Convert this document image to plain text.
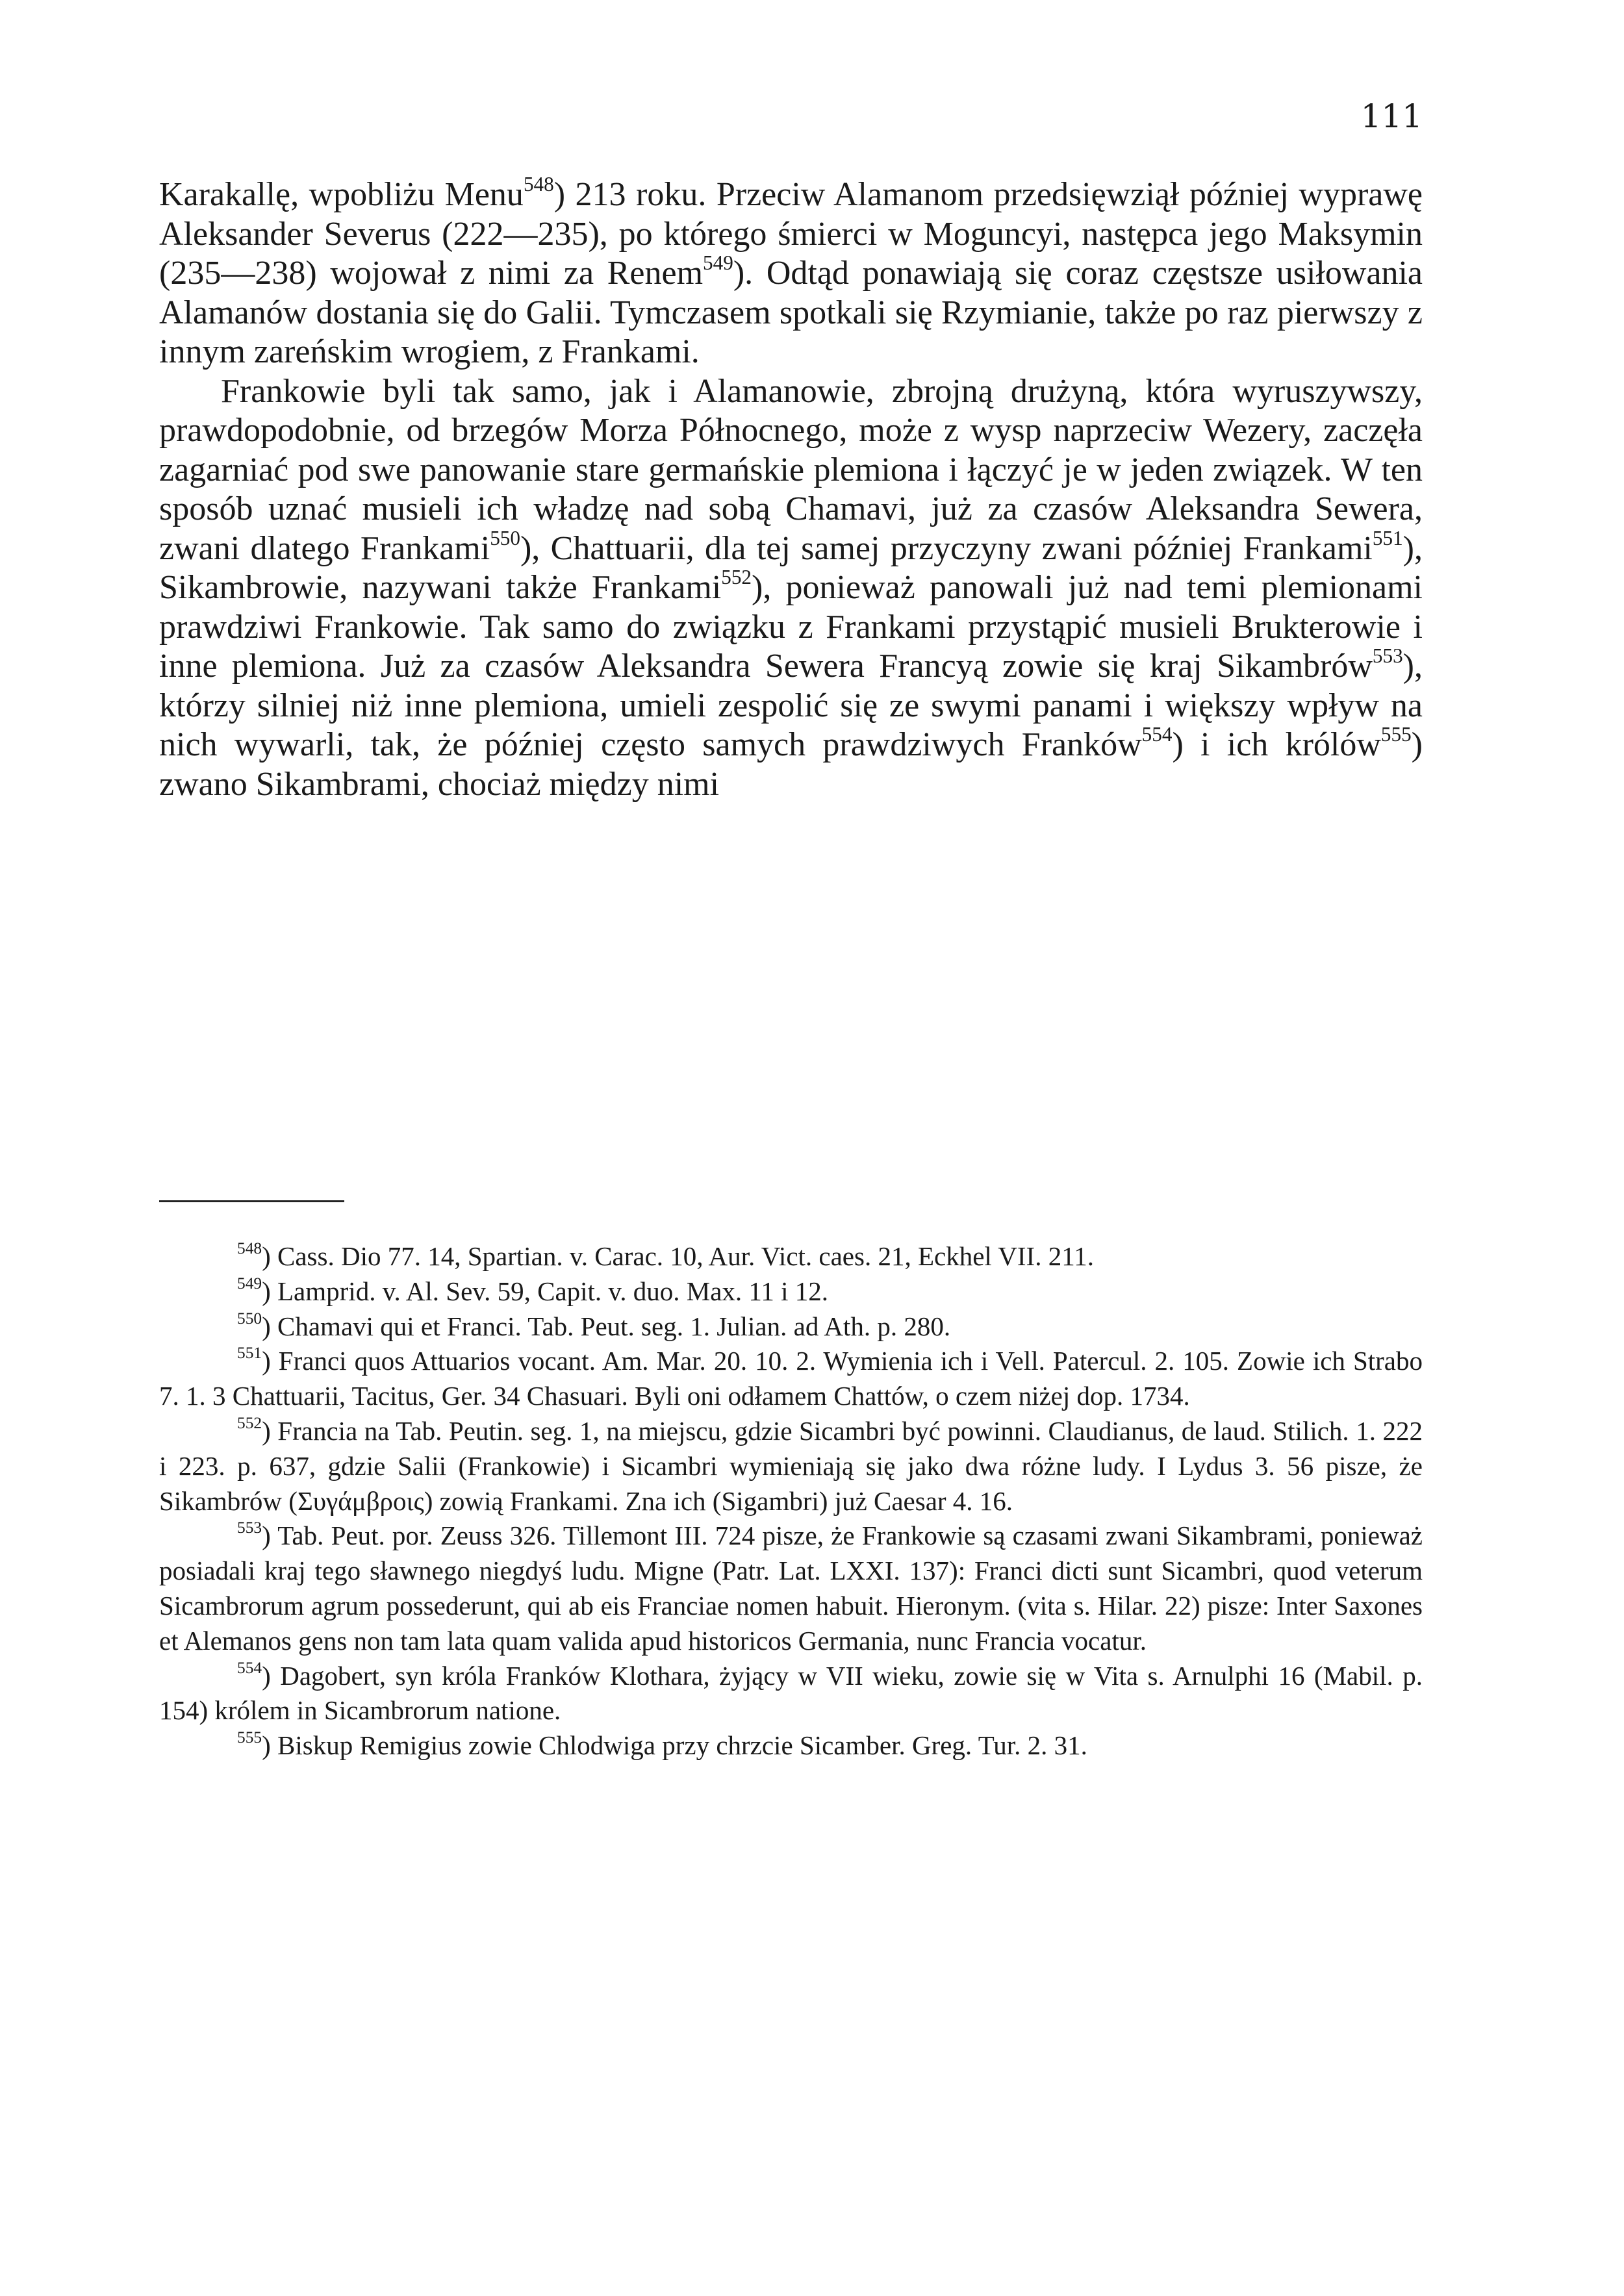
111

Karakallę, wpobliżu Menu$^{548}$) 213 roku. Przeciw Alamanom przedsięwziął później wyprawę Aleksander Severus (222—235), po którego śmierci w Moguncyi, następca jego Maksymin (235—238) wojował z nimi za Renem$^{549}$). Odtąd ponawiają się coraz częstsze usiłowania Alamanów dostania się do Galii. Tymczasem spotkali się Rzymianie, także po raz pierwszy z innym zareńskim wrogiem, z Frankami.

Frankowie byli tak samo, jak i Alamanowie, zbrojną drużyną, która wyruszywszy, prawdopodobnie, od brzegów Morza Północnego, może z wysp naprzeciw Wezery, zaczęła zagarniać pod swe panowanie stare germańskie plemiona i łączyć je w jeden związek. W ten sposób uznać musieli ich władzę nad sobą Chamavi, już za czasów Aleksandra Sewera, zwani dlatego Frankami$^{550}$), Chattuarii, dla tej samej przyczyny zwani później Frankami$^{551}$), Sikambrowie, nazywani także Frankami$^{552}$), ponieważ panowali już nad temi plemionami prawdziwi Frankowie. Tak samo do związku z Frankami przystąpić musieli Brukterowie i inne plemiona. Już za czasów Aleksandra Sewera Francyą zowie się kraj Sikambrów$^{553}$), którzy silniej niż inne plemiona, umieli zespolić się ze swymi panami i większy wpływ na nich wywarli, tak, że później często samych prawdziwych Franków$^{554}$) i ich królów$^{555}$) zwano Sikambrami, chociaż między nimi

$^{548}$) Cass. Dio 77. 14, Spartian. v. Carac. 10, Aur. Vict. caes. 21, Eckhel VII. 211.

$^{549}$) Lamprid. v. Al. Sev. 59, Capit. v. duo. Max. 11 i 12.

$^{550}$) Chamavi qui et Franci. Tab. Peut. seg. 1. Julian. ad Ath. p. 280.

$^{551}$) Franci quos Attuarios vocant. Am. Mar. 20. 10. 2. Wymienia ich i Vell. Patercul. 2. 105. Zowie ich Strabo 7. 1. 3 Chattuarii, Tacitus, Ger. 34 Chasuari. Byli oni odłamem Chattów, o czem niżej dop. 1734.

$^{552}$) Francia na Tab. Peutin. seg. 1, na miejscu, gdzie Sicambri być powinni. Claudianus, de laud. Stilich. 1. 222 i 223. p. 637, gdzie Salii (Frankowie) i Sicambri wymieniają się jako dwa różne ludy. I Lydus 3. 56 pisze, że Sikambrów (Συγάμβροις) zowią Frankami. Zna ich (Sigambri) już Caesar 4. 16.

$^{553}$) Tab. Peut. por. Zeuss 326. Tillemont III. 724 pisze, że Frankowie są czasami zwani Sikambrami, ponieważ posiadali kraj tego sławnego niegdyś ludu. Migne (Patr. Lat. LXXI. 137): Franci dicti sunt Sicambri, quod veterum Sicambrorum agrum possederunt, qui ab eis Franciae nomen habuit. Hieronym. (vita s. Hilar. 22) pisze: Inter Saxones et Alemanos gens non tam lata quam valida apud historicos Germania, nunc Francia vocatur.

$^{554}$) Dagobert, syn króla Franków Klothara, żyjący w VII wieku, zowie się w Vita s. Arnulphi 16 (Mabil. p. 154) królem in Sicambrorum natione.

$^{555}$) Biskup Remigius zowie Chlodwiga przy chrzcie Sicamber. Greg. Tur. 2. 31.
